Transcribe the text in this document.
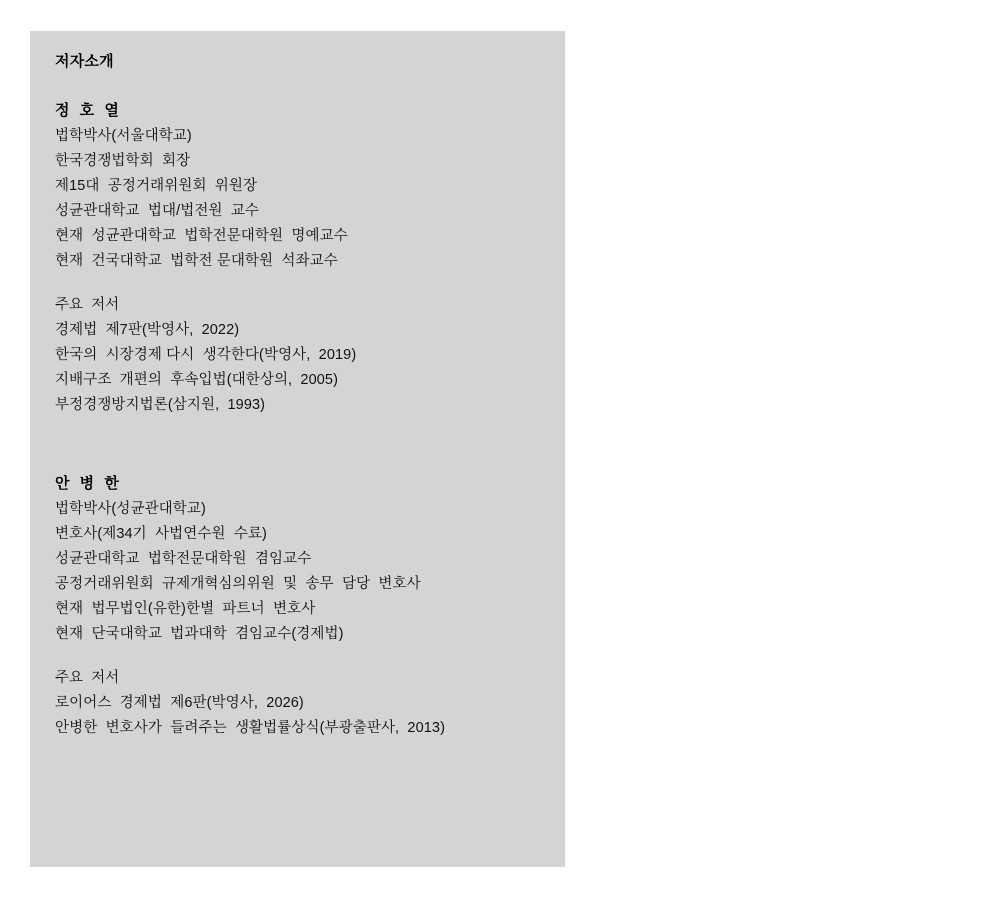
저자소개
정 호 열
법학박사(서울대학교)
한국경쟁법학회  회장
제15대  공정거래위원회  위원장
성균관대학교  법대/법전원  교수
현재  성균관대학교  법학전문대학원  명예교수
현재  건국대학교  법학전 문대학원  석좌교수
주요  저서
경제법  제7판(박영사,  2022)
한국의  시장경제 다시  생각한다(박영사,  2019)
지배구조  개편의  후속입법(대한상의,  2005)
부정경쟁방지법론(삼지원,  1993)
안 병 한
법학박사(성균관대학교)
변호사(제34기  사법연수원  수료)
성균관대학교  법학전문대학원  겸임교수
공정거래위원회  규제개혁심의위원  및  송무  담당  변호사
현재  법무법인(유한)한별  파트너  변호사
현재  단국대학교  법과대학  겸임교수(경제법)
주요  저서
로이어스  경제법  제6판(박영사,  2026)
안병한  변호사가  들려주는  생활법률상식(부광출판사,  2013)
